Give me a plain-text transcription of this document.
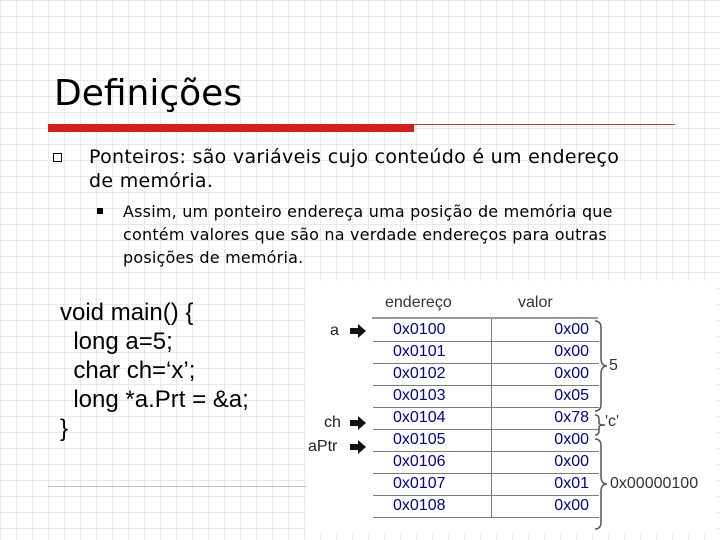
Definições
Ponteiros: são variáveis cujo conteúdo é um endereço de memória.
Assim, um ponteiro endereça uma posição de memória que contém valores que são na verdade endereços para outras posições de memória.
void main() {
long a=5;
char ch=‘x’;
long *a.Prt = &a;
}
endereço	valor
0x0100	0x00
0x0101	0x00
0x0102	0x00
0x0103	0x05
0x0104	0x78
0x0105	0x00
0x0106	0x00
0x0107	0x01
0x0108	0x00
a
ch
aPtr
5
'c'
0x00000100
